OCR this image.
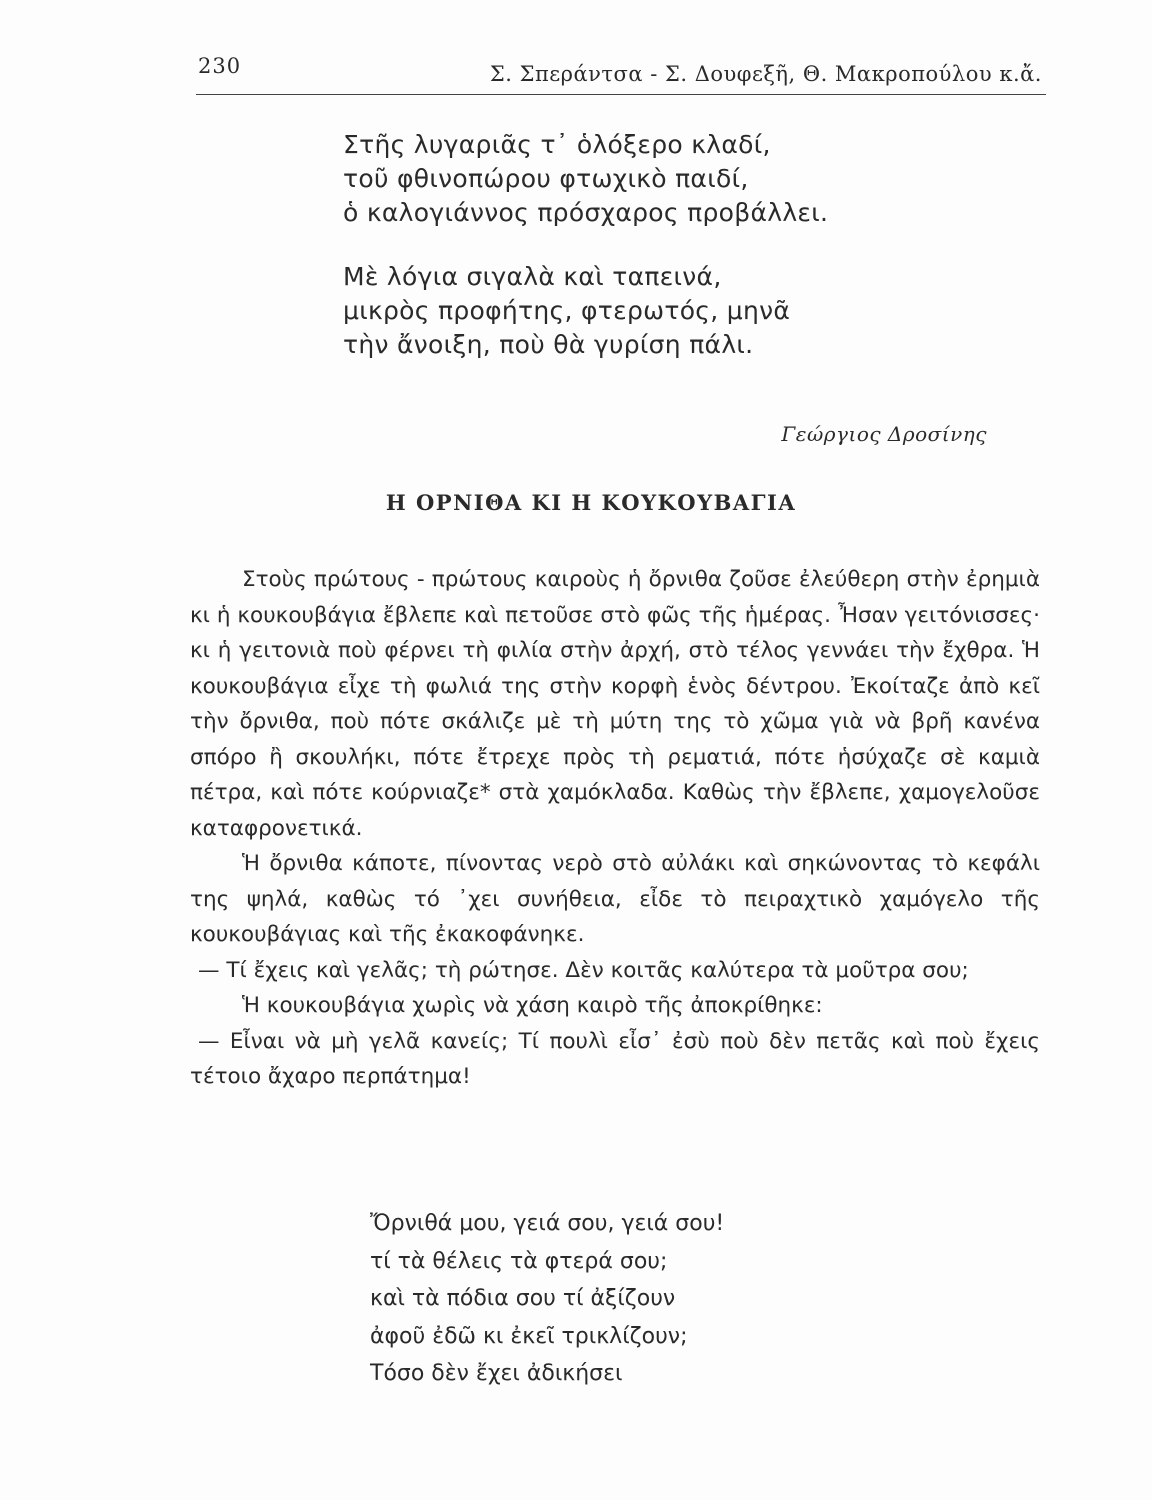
230	Σ. Σπεράντσα - Σ. Δουφεξῆ, Θ. Μακροπούλου κ.ἄ.
Στῆς λυγαριᾶς τ᾽ ὁλόξερο κλαδί,
τοῦ φθινοπώρου φτωχικὸ παιδί,
ὁ καλογιάννος πρόσχαρος προβάλλει.
Μὲ λόγια σιγαλὰ καὶ ταπεινά,
μικρὸς προφήτης, φτερωτός, μηνᾶ
τὴν ἄνοιξη, ποὺ θὰ γυρίση πάλι.
Γεώργιος Δροσίνης
Η ΟΡΝΙΘΑ ΚΙ Η ΚΟΥΚΟΥΒΑΓΙΑ

Στοὺς πρώτους - πρώτους καιροὺς ἡ ὄρνιθα ζοῦσε ἐλεύθερη στὴν ἐρημιὰ κι ἡ κουκουβάγια ἔβλεπε καὶ πετοῦσε στὸ φῶς τῆς ἡμέρας. Ἦσαν γειτόνισσες· κι ἡ γειτονιὰ ποὺ φέρνει τὴ φιλία στὴν ἀρχή, στὸ τέλος γεννάει τὴν ἔχθρα. Ἡ κουκουβάγια εἶχε τὴ φωλιά της στὴν κορφὴ ἑνὸς δέντρου. Ἐκοίταζε ἀπὸ κεῖ τὴν ὄρνιθα, ποὺ πότε σκάλιζε μὲ τὴ μύτη της τὸ χῶμα γιὰ νὰ βρῆ κανένα σπόρο ἢ σκουλήκι, πότε ἔτρεχε πρὸς τὴ ρεματιά, πότε ἡσύχαζε σὲ καμιὰ πέτρα, καὶ πότε κούρνιαζε* στὰ χαμόκλαδα. Καθὼς τὴν ἔβλεπε, χαμογελοῦσε καταφρονετικά.

Ἡ ὄρνιθα κάποτε, πίνοντας νερὸ στὸ αὐλάκι καὶ σηκώνοντας τὸ κεφάλι της ψηλά, καθὼς τό ᾽χει συνήθεια, εἶδε τὸ πειραχτικὸ χαμόγελο τῆς κουκουβάγιας καὶ τῆς ἐκακοφάνηκε.

— Τί ἔχεις καὶ γελᾶς; τὴ ρώτησε. Δὲν κοιτᾶς καλύτερα τὰ μοῦτρα σου;

Ἡ κουκουβάγια χωρὶς νὰ χάση καιρὸ τῆς ἀποκρίθηκε:

— Εἶναι νὰ μὴ γελᾶ κανείς; Τί πουλὶ εἶσ᾽ ἐσὺ ποὺ δὲν πετᾶς καὶ ποὺ ἔχεις τέτοιο ἄχαρο περπάτημα!

Ὄρνιθά μου, γειά σου, γειά σου!
τί τὰ θέλεις τὰ φτερά σου;
καὶ τὰ πόδια σου τί ἀξίζουν
ἀφοῦ ἐδῶ κι ἐκεῖ τρικλίζουν;
Τόσο δὲν ἔχει ἀδικήσει
